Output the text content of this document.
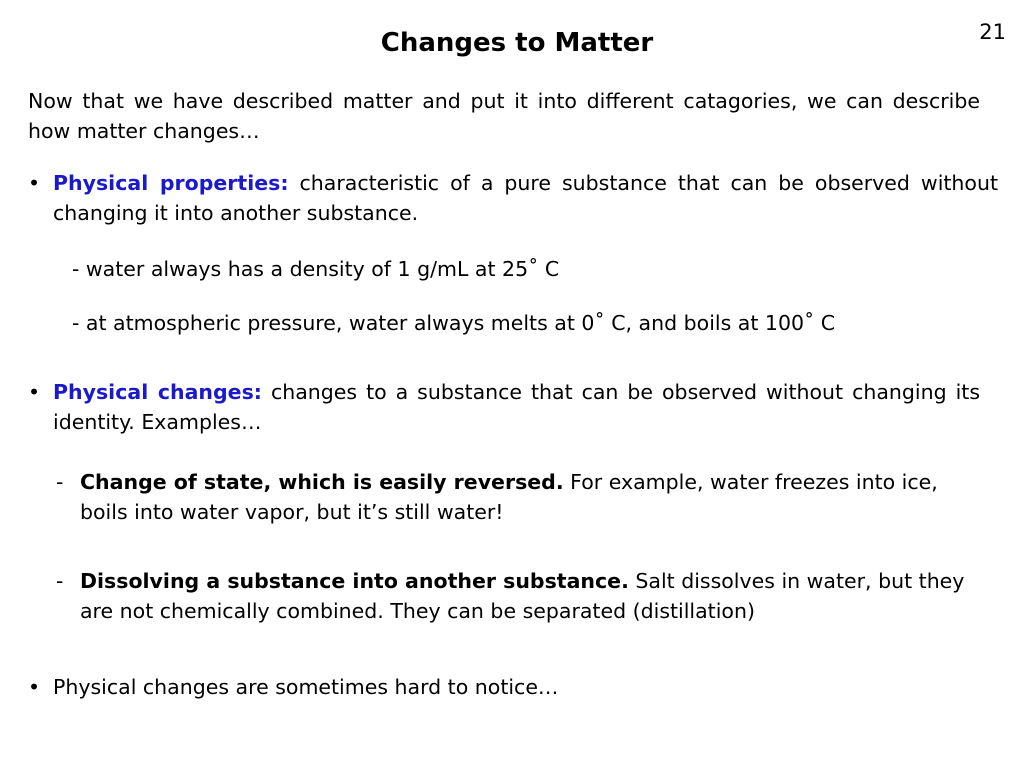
21
Changes to Matter
Now that we have described matter and put it into different catagories, we can describe how matter changes…
• Physical properties: characteristic of a pure substance that can be observed without changing it into another substance.
- water always has a density of 1 g/mL at 25˚ C
- at atmospheric pressure, water always melts at 0˚ C, and boils at 100˚ C
• Physical changes: changes to a substance that can be observed without changing its identity. Examples…
- Change of state, which is easily reversed. For example, water freezes into ice, boils into water vapor, but it’s still water!
- Dissolving a substance into another substance. Salt dissolves in water, but they are not chemically combined. They can be separated (distillation)
• Physical changes are sometimes hard to notice…
